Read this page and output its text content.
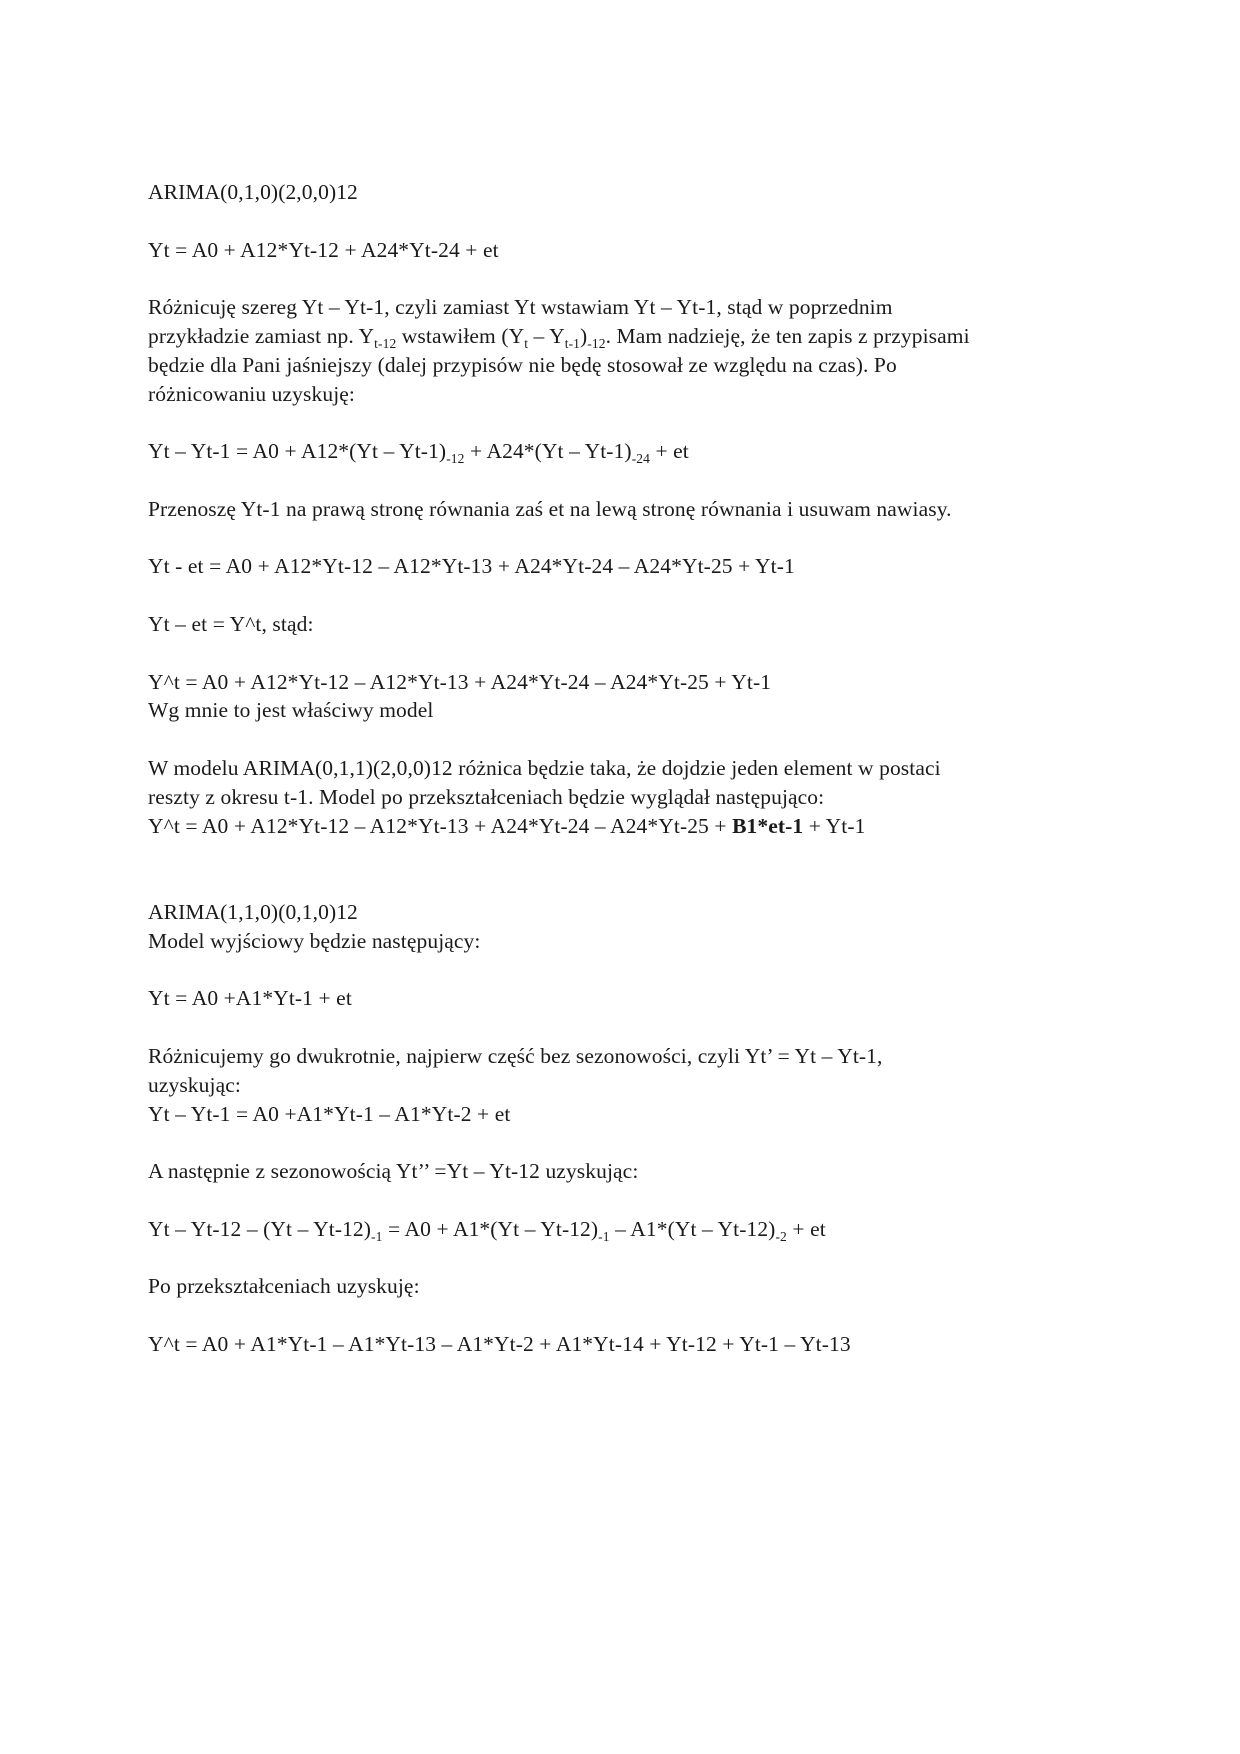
ARIMA(0,1,0)(2,0,0)12
Yt = A0 + A12*Yt-12 + A24*Yt-24 + et
Różnicuję szereg Yt – Yt-1, czyli zamiast Yt wstawiam Yt – Yt-1, stąd w poprzednim
przykładzie zamiast np. $Y_{t-12}$ wstawiłem $(Y_t - Y_{t-1})_{-12}$. Mam nadzieję, że ten zapis z przypisami
będzie dla Pani jaśniejszy (dalej przypisów nie będę stosował ze względu na czas). Po
różnicowaniu uzyskuję:
$Yt - Yt-1 = A0 + A12*(Yt - Yt-1)_{-12} + A24*(Yt - Yt-1)_{-24}$ + et
Przenoszę Yt-1 na prawą stronę równania zaś et na lewą stronę równania i usuwam nawiasy.
Yt - et = A0 + A12*Yt-12 – A12*Yt-13 + A24*Yt-24 – A24*Yt-25 + Yt-1
Yt – et = Y^t, stąd:
Y^t = A0 + A12*Yt-12 – A12*Yt-13 + A24*Yt-24 – A24*Yt-25 + Yt-1
Wg mnie to jest właściwy model
W modelu ARIMA(0,1,1)(2,0,0)12 różnica będzie taka, że dojdzie jeden element w postaci
reszty z okresu t-1. Model po przekształceniach będzie wyglądał następująco:
Y^t = A0 + A12*Yt-12 – A12*Yt-13 + A24*Yt-24 – A24*Yt-25 + B1*et-1 + Yt-1
ARIMA(1,1,0)(0,1,0)12
Model wyjściowy będzie następujący:
Yt = A0 +A1*Yt-1 + et
Różnicujemy go dwukrotnie, najpierw część bez sezonowości, czyli Yt’ = Yt – Yt-1,
uzyskując:
Yt – Yt-1 = A0 +A1*Yt-1 – A1*Yt-2 + et
A następnie z sezonowością Yt’’ =Yt – Yt-12 uzyskując:
$Yt - Yt-12 - (Yt - Yt-12)_{-1} = A0 + A1*(Yt - Yt-12)_{-1} - A1*(Yt - Yt-12)_{-2}$ + et
Po przekształceniach uzyskuję:
Y^t = A0 + A1*Yt-1 – A1*Yt-13 – A1*Yt-2 + A1*Yt-14 + Yt-12 + Yt-1 – Yt-13
